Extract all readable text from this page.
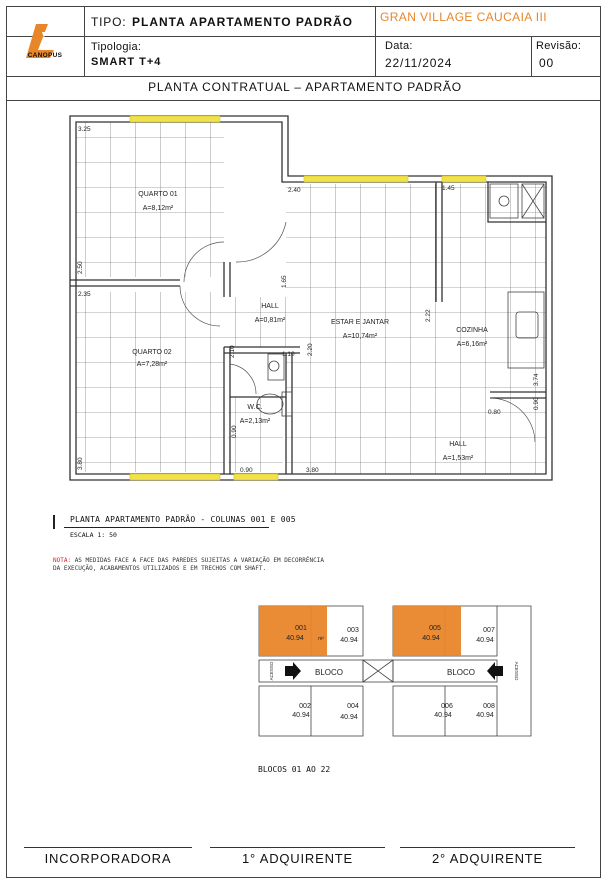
CANOPUS
TIPO: PLANTA APARTAMENTO PADRÃO GRAN VILLAGE CAUCAIA III
Tipologia:
SMART T+4
Data:
22/11/2024
Revisão:
00
PLANTA CONTRATUAL – APARTAMENTO PADRÃO
QUARTO 01
A=8,12m²
QUARTO 02
A=7,28m²
HALL
A=0,81m²	ESTAR E JANTAR
A=10,74m²
COZINHA
A=6,16m²
W.C.
A=2,13m²
HALL
A=1,53m²
3.25
2.40	1.45
2.50
2.35
1.65
2.22
2.10	1.10 2.20
0.90
0.80
3.74
0.90
3.80
0.90	3.80
PLANTA APARTAMENTO PADRÃO - COLUNAS 001 E 005
ESCALA 1: 50
NOTA: AS MEDIDAS FACE A FACE DAS PAREDES SUJEITAS A VARIAÇÃO EM DECORRÊNCIA
DA EXECUÇÃO, ACABAMENTOS UTILIZADOS E EM TRECHOS COM SHAFT.
001
40.94	m²
003
40.94
005
40.94
007
40.94
002
40.94
004
40.94
006
40.94
008
40.94
BLOCO	BLOCO
ACESSO	ACESSO
BLOCOS 01 AO 22
INCORPORADORA	1° ADQUIRENTE	2° ADQUIRENTE
